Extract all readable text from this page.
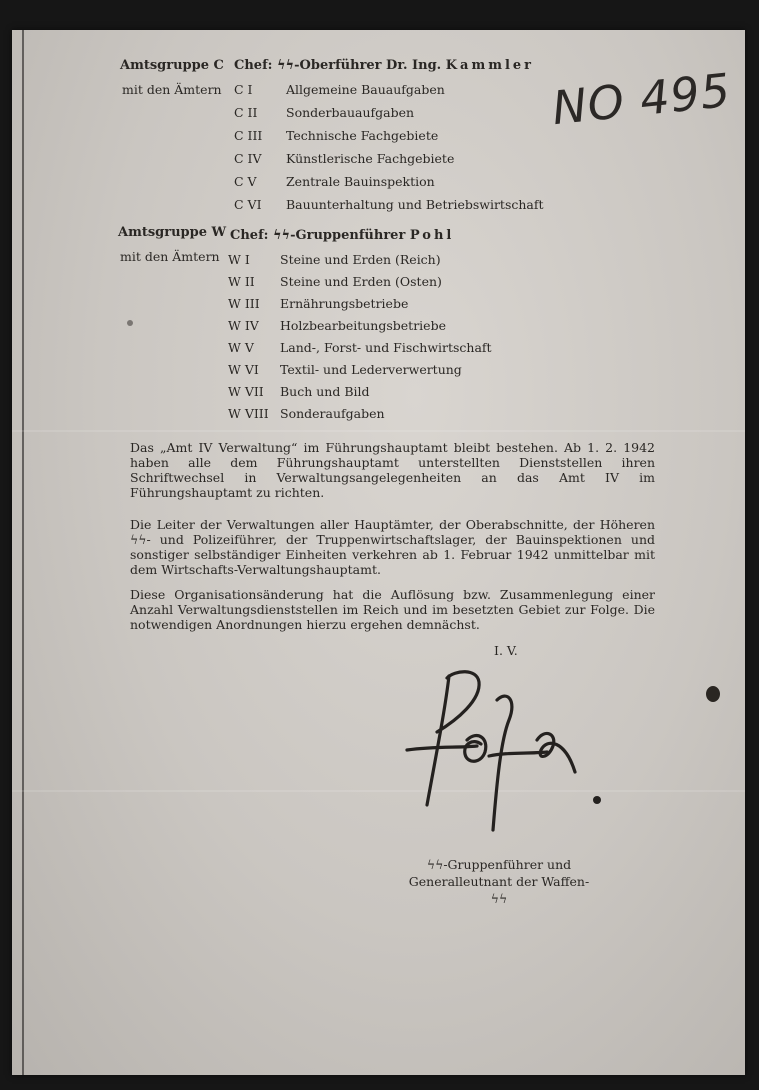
NO 495
Amtsgruppe C
mit den Ämtern
Chef: ϟϟ-Oberführer Dr. Ing. Kammler
C I	Allgemeine Bauaufgaben
C II Sonderbauaufgaben
C III Technische Fachgebiete
C IV Künstlerische Fachgebiete
C V Zentrale Bauinspektion
C VI Bauunterhaltung und Betriebswirtschaft
Amtsgruppe W
mit den Ämtern
Chef: ϟϟ-Gruppenführer Pohl
W I Steine und Erden (Reich)
W II Steine und Erden (Osten)
W III Ernährungsbetriebe
W IV Holzbearbeitungsbetriebe
W V Land-, Forst- und Fischwirtschaft
W VI Textil- und Lederverwertung
W VII Buch und Bild
W VIII Sonderaufgaben
Das „Amt IV Verwaltung“ im Führungshauptamt bleibt bestehen. Ab 1. 2. 1942 haben alle dem Führungshauptamt unterstellten Dienststellen ihren Schriftwechsel in Verwaltungsangelegenheiten an das Amt IV im Führungshauptamt zu richten.
Die Leiter der Verwaltungen aller Hauptämter, der Oberabschnitte, der Höheren ϟϟ- und Polizeiführer, der Truppenwirtschaftslager, der Bauinspektionen und sonstiger selbständiger Einheiten verkehren ab 1. Februar 1942 unmittelbar mit dem Wirtschafts-Verwaltungshauptamt.
Diese Organisationsänderung hat die Auflösung bzw. Zusammenlegung einer Anzahl Verwaltungsdienststellen im Reich und im besetzten Gebiet zur Folge. Die notwendigen Anordnungen hierzu ergehen demnächst.
I. V.
ϟϟ-Gruppenführer und
Generalleutnant der Waffen-ϟϟ
